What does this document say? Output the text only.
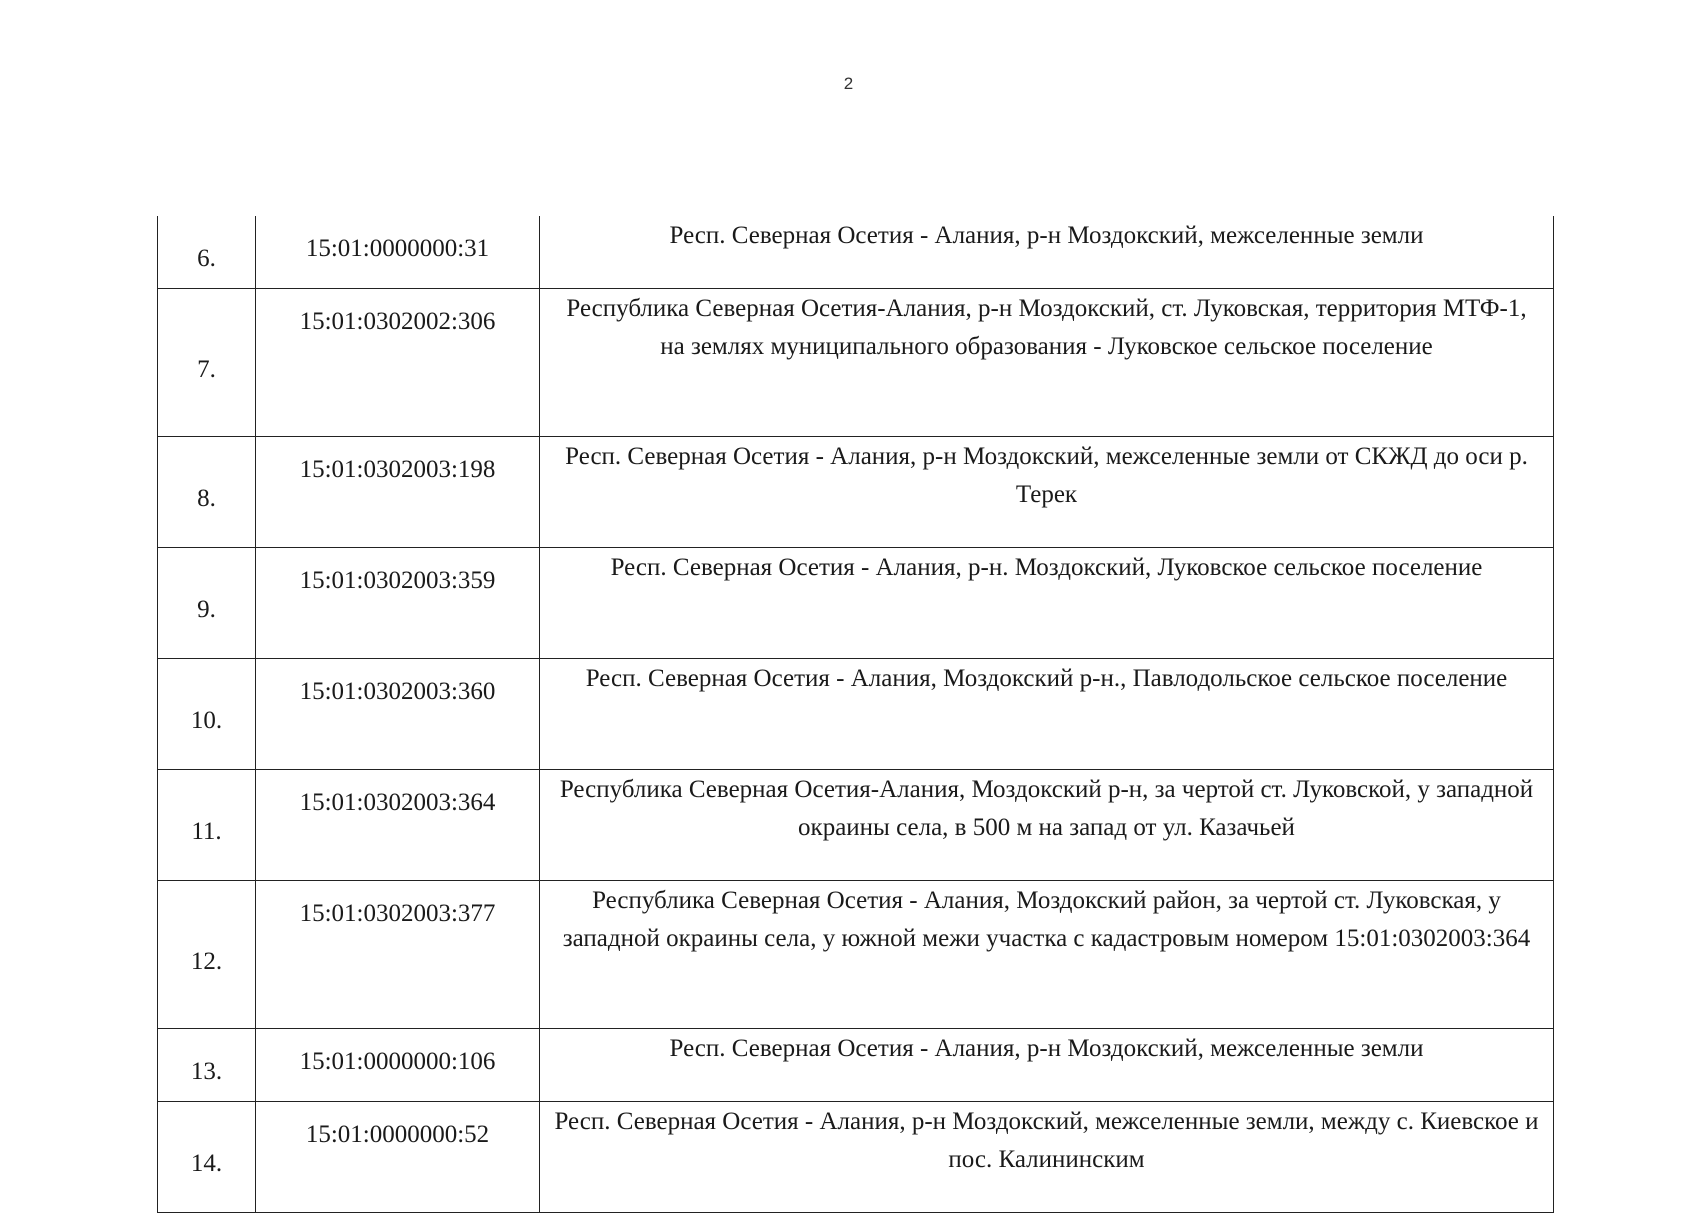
2
6.	15:01:0000000:31	Респ. Северная Осетия - Алания, р-н Моздокский, межселенные земли
7.	15:01:0302002:306	Республика Северная Осетия-Алания, р-н Моздокский, ст. Луковская, территория МТФ-1, на землях муниципального образования - Луковское сельское поселение
8.	15:01:0302003:198	Респ. Северная Осетия - Алания, р-н Моздокский, межселенные земли от СКЖД до оси р. Терек
9.	15:01:0302003:359	Респ. Северная Осетия - Алания, р-н. Моздокский, Луковское сельское поселение
10.	15:01:0302003:360	Респ. Северная Осетия - Алания, Моздокский р-н., Павлодольское сельское поселение
11.	15:01:0302003:364	Республика Северная Осетия-Алания, Моздокский р-н, за чертой ст. Луковской, у западной окраины села, в 500 м на запад от ул. Казачьей
12.	15:01:0302003:377	Республика Северная Осетия - Алания, Моздокский район, за чертой ст. Луковская, у западной окраины села, у южной межи участка с кадастровым номером 15:01:0302003:364
13.	15:01:0000000:106	Респ. Северная Осетия - Алания, р-н Моздокский, межселенные земли
14.	15:01:0000000:52	Респ. Северная Осетия - Алания, р-н Моздокский, межселенные земли, между с. Киевское и пос. Калининским
